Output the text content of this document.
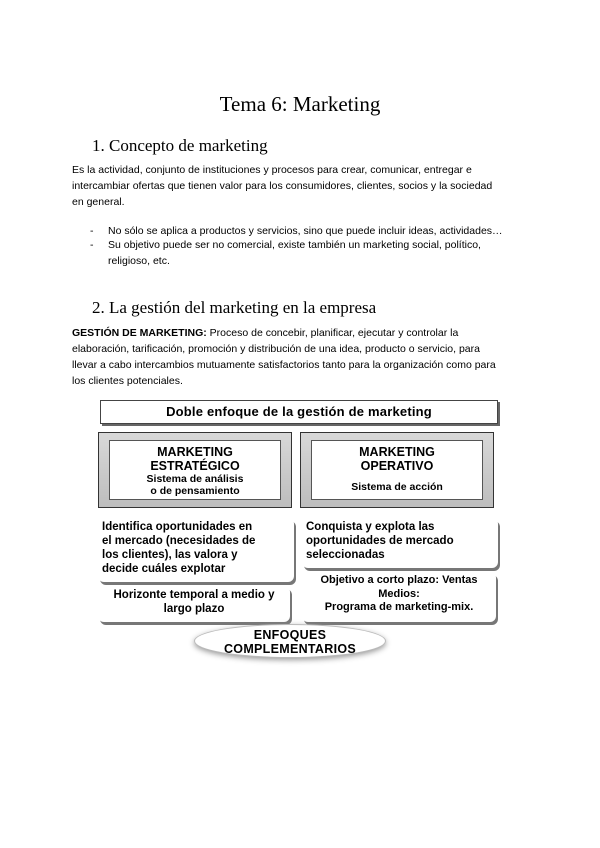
Tema 6: Marketing
1. Concepto de marketing
Es la actividad, conjunto de instituciones y procesos para crear, comunicar, entregar e
intercambiar ofertas que tienen valor para los consumidores, clientes, socios y la sociedad
en general.
- No sólo se aplica a productos y servicios, sino que puede incluir ideas, actividades…
- Su objetivo puede ser no comercial, existe también un marketing social, político,
religioso, etc.
2. La gestión del marketing en la empresa
GESTIÓN DE MARKETING: Proceso de concebir, planificar, ejecutar y controlar la
elaboración, tarificación, promoción y distribución de una idea, producto o servicio, para
llevar a cabo intercambios mutuamente satisfactorios tanto para la organización como para
los clientes potenciales.
Doble enfoque de la gestión de marketing
MARKETING
ESTRATÉGICO
Sistema de análisis
o de pensamiento
MARKETING
OPERATIVO
Sistema de acción
Identifica oportunidades en
el mercado (necesidades de
los clientes), las valora y
decide cuáles explotar
Conquista y explota las
oportunidades de mercado
seleccionadas
Horizonte temporal a medio y
largo plazo
Objetivo a corto plazo: Ventas
Medios:
Programa de marketing-mix.
ENFOQUES
COMPLEMENTARIOS
